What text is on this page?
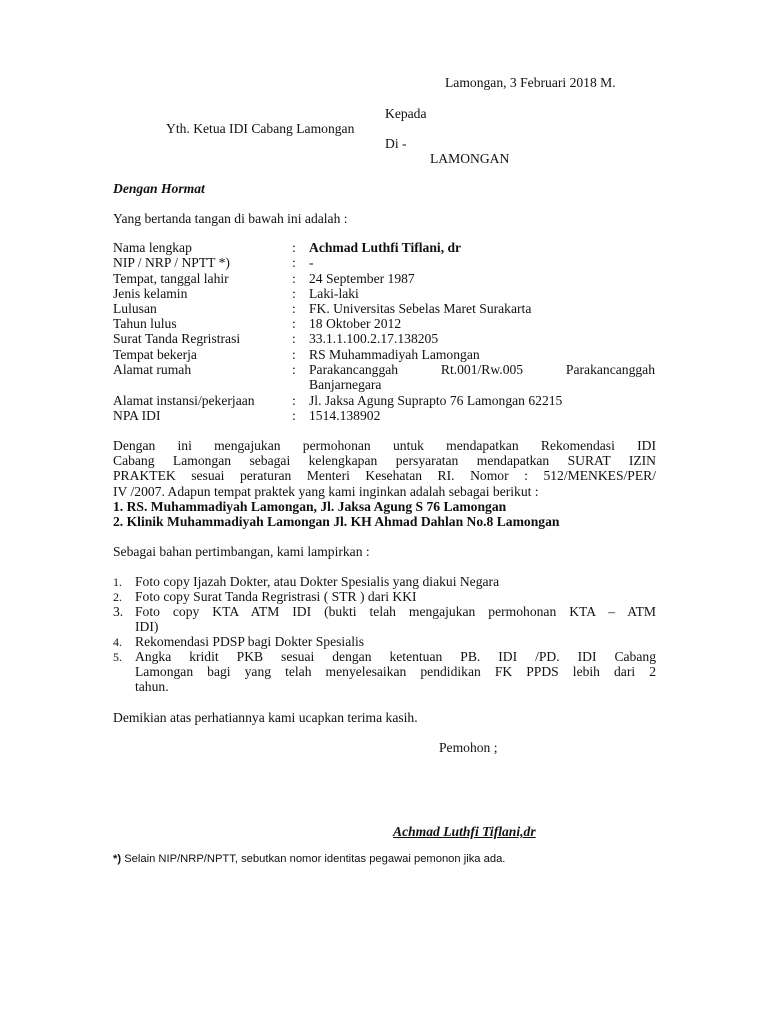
Lamongan, 3 Februari 2018 M.
Kepada
Yth. Ketua IDI Cabang Lamongan
Di -
LAMONGAN
Dengan Hormat
Yang bertanda tangan di bawah ini adalah :
Nama lengkap	: Achmad Luthfi Tiflani, dr
NIP / NRP / NPTT *)	: -
Tempat, tanggal lahir	: 24 September 1987
Jenis kelamin	: Laki-laki
Lulusan	: FK. Universitas Sebelas Maret Surakarta
Tahun lulus	: 18 Oktober 2012
Surat Tanda Regristrasi	: 33.1.1.100.2.17.138205
Tempat bekerja	: RS Muhammadiyah Lamongan
Alamat rumah	: Parakancanggah Rt.001/Rw.005 Parakancanggah
Banjarnegara
Alamat instansi/pekerjaan	: Jl. Jaksa Agung Suprapto 76 Lamongan 62215
NPA IDI	: 1514.138902
Dengan ini mengajukan permohonan untuk mendapatkan Rekomendasi IDI
Cabang Lamongan sebagai kelengkapan persyaratan mendapatkan SURAT IZIN
PRAKTEK sesuai peraturan Menteri Kesehatan RI. Nomor : 512/MENKES/PER/
IV /2007. Adapun tempat praktek yang kami inginkan adalah sebagai berikut :
1. RS. Muhammadiyah Lamongan, Jl. Jaksa Agung S 76 Lamongan
2. Klinik Muhammadiyah Lamongan Jl. KH Ahmad Dahlan No.8 Lamongan
Sebagai bahan pertimbangan, kami lampirkan :
1. Foto copy Ijazah Dokter, atau Dokter Spesialis yang diakui Negara
2. Foto copy Surat Tanda Regristrasi ( STR ) dari KKI
3. Foto copy KTA ATM IDI (bukti telah mengajukan permohonan KTA – ATM
IDI)
4. Rekomendasi PDSP bagi Dokter Spesialis
5. Angka kridit PKB sesuai dengan ketentuan PB. IDI /PD. IDI Cabang
Lamongan bagi yang telah menyelesaikan pendidikan FK PPDS lebih dari 2
tahun.
Demikian atas perhatiannya kami ucapkan terima kasih.
Pemohon ;
Achmad Luthfi Tiflani,dr
*) Selain NIP/NRP/NPTT, sebutkan nomor identitas pegawai pemonon jika ada.
